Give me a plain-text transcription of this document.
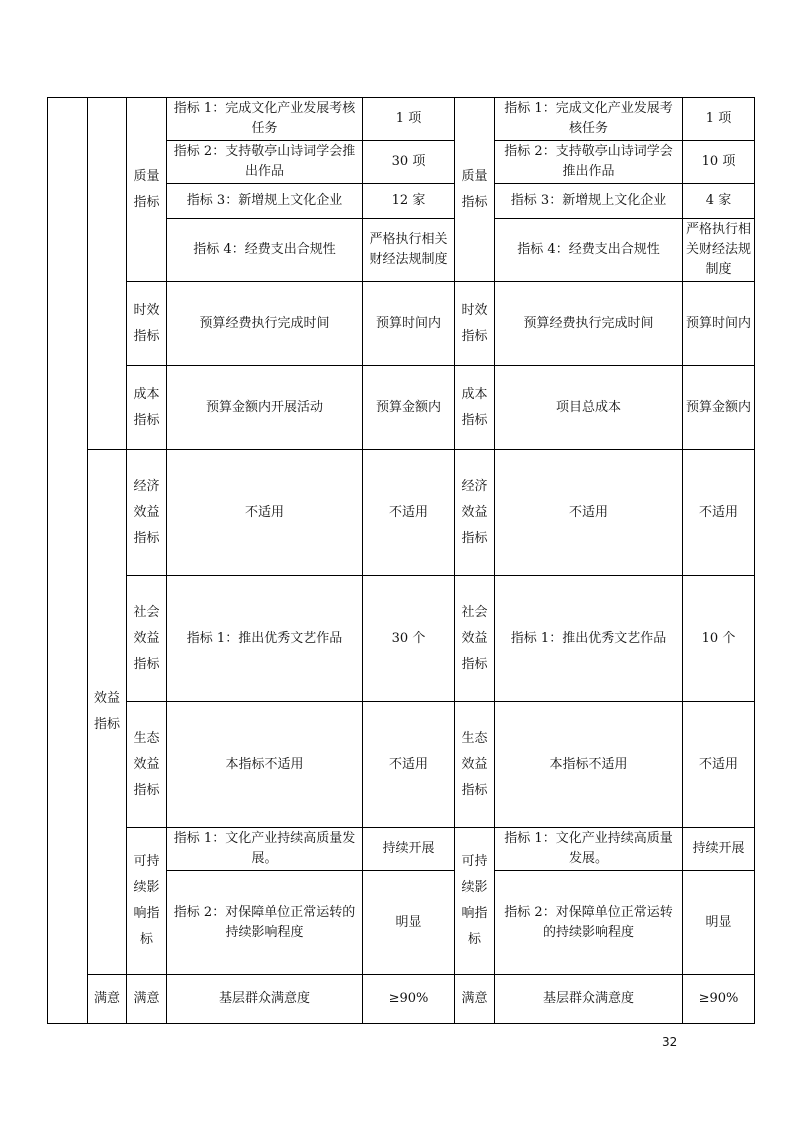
		质量指标	指标 1：完成文化产业发展考核任务	1 项	质量指标	指标 1：完成文化产业发展考核任务	1 项
			指标 2：支持敬亭山诗词学会推出作品	30 项		指标 2：支持敬亭山诗词学会推出作品	10 项
			指标 3：新增规上文化企业	12 家		指标 3：新增规上文化企业	4 家
			指标 4：经费支出合规性	严格执行相关财经法规制度		指标 4：经费支出合规性	严格执行相关财经法规制度
		时效指标	预算经费执行完成时间	预算时间内	时效指标	预算经费执行完成时间	预算时间内
		成本指标	预算金额内开展活动	预算金额内	成本指标	项目总成本	预算金额内
	效益指标	经济效益指标	不适用	不适用	经济效益指标	不适用	不适用
		社会效益指标	指标 1：推出优秀文艺作品	30 个	社会效益指标	指标 1：推出优秀文艺作品	10 个
		生态效益指标	本指标不适用	不适用	生态效益指标	本指标不适用	不适用
		可持续影响指标	指标 1：文化产业持续高质量发展。	持续开展	可持续影响指标	指标 1：文化产业持续高质量发展。	持续开展
			指标 2：对保障单位正常运转的持续影响程度	明显		指标 2：对保障单位正常运转的持续影响程度	明显

	满意	满意	基层群众满意度	≥90%	满意	基层群众满意度	≥90%
32
